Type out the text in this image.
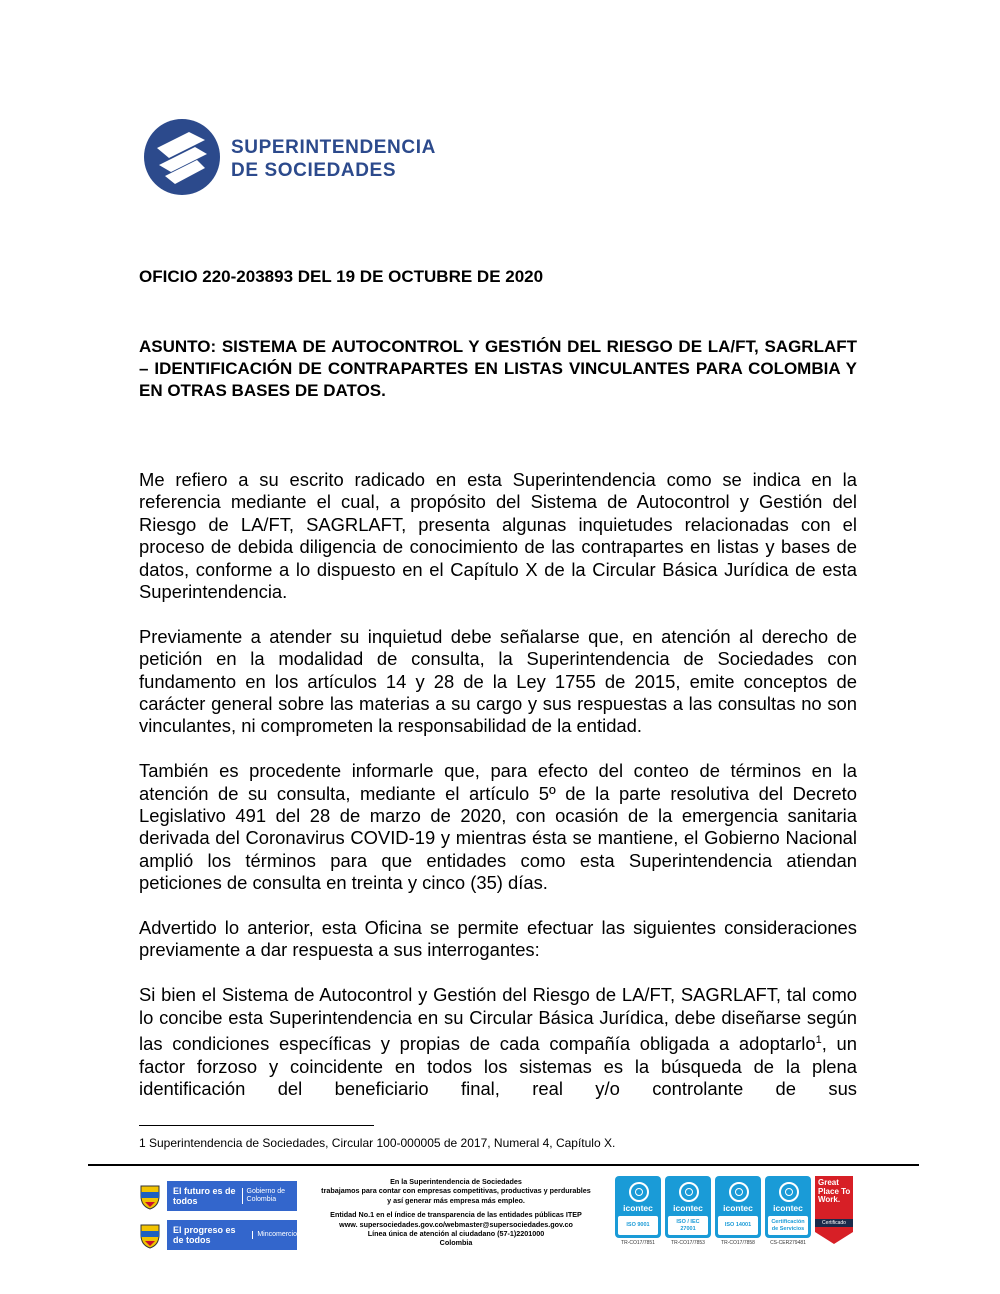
SUPERINTENDENCIA
DE SOCIEDADES
OFICIO 220-203893 DEL 19 DE OCTUBRE DE 2020
ASUNTO: SISTEMA DE AUTOCONTROL Y GESTIÓN DEL RIESGO DE LA/FT, SAGRLAFT – IDENTIFICACIÓN DE CONTRAPARTES EN LISTAS VINCULANTES PARA COLOMBIA Y EN OTRAS BASES DE DATOS.

Me refiero a su escrito radicado en esta Superintendencia como se indica en la referencia mediante el cual, a propósito del Sistema de Autocontrol y Gestión del Riesgo de LA/FT, SAGRLAFT, presenta algunas inquietudes relacionadas con el proceso de debida diligencia de conocimiento de las contrapartes en listas y bases de datos, conforme a lo dispuesto en el Capítulo X de la Circular Básica Jurídica de esta Superintendencia.

Previamente a atender su inquietud debe señalarse que, en atención al derecho de petición en la modalidad de consulta, la Superintendencia de Sociedades con fundamento en los artículos 14 y 28 de la Ley 1755 de 2015, emite conceptos de carácter general sobre las materias a su cargo y sus respuestas a las consultas no son vinculantes, ni comprometen la responsabilidad de la entidad.

También es procedente informarle que, para efecto del conteo de términos en la atención de su consulta, mediante el artículo 5º de la parte resolutiva del Decreto Legislativo 491 del 28 de marzo de 2020, con ocasión de la emergencia sanitaria derivada del Coronavirus COVID-19 y mientras ésta se mantiene, el Gobierno Nacional amplió los términos para que entidades como esta Superintendencia atiendan peticiones de consulta en treinta y cinco (35) días.

Advertido lo anterior, esta Oficina se permite efectuar las siguientes consideraciones previamente a dar respuesta a sus interrogantes:

Si bien el Sistema de Autocontrol y Gestión del Riesgo de LA/FT, SAGRLAFT, tal como lo concibe esta Superintendencia en su Circular Básica Jurídica, debe diseñarse según las condiciones específicas y propias de cada compañía obligada a adoptarlo$^1$, un factor forzoso y coincidente en todos los sistemas es la búsqueda de la plena identificación del beneficiario final, real y/o controlante de sus

1 Superintendencia de Sociedades, Circular 100-000005 de 2017, Numeral 4, Capítulo X.
El futuro es de todos
Gobierno de Colombia
El progreso es de todos
Mincomercio
En la Superintendencia de Sociedades
trabajamos para contar con empresas competitivas, productivas y perdurables
y así generar más empresa más empleo.
Entidad No.1 en el índice de transparencia de las entidades públicas ITEP
www. supersociedades.gov.co/webmaster@supersociedades.gov.co
Línea única de atención al ciudadano (57-1)2201000
Colombia
icontec
ISO 9001
TR-CO17/7851
icontec
ISO / IEC 27001
TR-CO17/7853
icontec
ISO 14001
TR-CO17/7858
icontec
Certificación de Servicios
CS-CER279481
Great Place To Work.
Certificado
